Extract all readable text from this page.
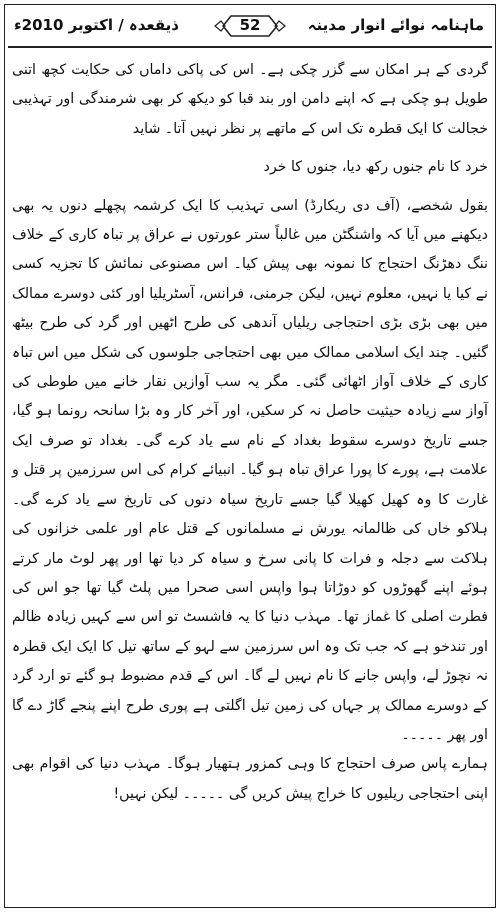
ذیقعدہ / اکتوبر 2010ء	52	ماہنامہ نوائے انوار مدینہ

گردی کے ہر امکان سے گزر چکی ہے۔ اس کی پاکی داماں کی حکایت کچھ اتنی طویل ہو چکی ہے کہ اپنے دامن اور بند قبا کو دیکھ کر بھی شرمندگی اور تہذیبی خجالت کا ایک قطرہ تک اس کے ماتھے پر نظر نہیں آتا۔ شاید

خرد کا نام جنوں رکھ دیا، جنوں کا خرد

بقول شخصے، (آف دی ریکارڈ) اسی تہذیب کا ایک کرشمہ پچھلے دنوں یہ بھی دیکھنے میں آیا کہ واشنگٹن میں غالباً ستر عورتوں نے عراق پر تباہ کاری کے خلاف ننگ دھڑنگ احتجاج کا نمونہ بھی پیش کیا۔ اس مصنوعی نمائش کا تجزیہ کسی نے کیا یا نہیں، معلوم نہیں، لیکن جرمنی، فرانس، آسٹریلیا اور کئی دوسرے ممالک میں بھی بڑی بڑی احتجاجی ریلیاں آندھی کی طرح اٹھیں اور گرد کی طرح بیٹھ گئیں۔ چند ایک اسلامی ممالک میں بھی احتجاجی جلوسوں کی شکل میں اس تباہ کاری کے خلاف آواز اٹھائی گئی۔ مگر یہ سب آوازیں نقار خانے میں طوطی کی آواز سے زیادہ حیثیت حاصل نہ کر سکیں، اور آخر کار وہ بڑا سانحہ رونما ہو گیا، جسے تاریخ دوسرے سقوط بغداد کے نام سے یاد کرے گی۔ بغداد تو صرف ایک علامت ہے، پورے کا پورا عراق تباہ ہو گیا۔ انبیائے کرام کی اس سرزمین پر قتل و غارت کا وہ کھیل کھیلا گیا جسے تاریخ سیاہ دنوں کی تاریخ سے یاد کرے گی۔ ہلاکو خاں کی ظالمانہ یورش نے مسلمانوں کے قتل عام اور علمی خزانوں کی ہلاکت سے دجلہ و فرات کا پانی سرخ و سیاہ کر دیا تھا اور پھر لوٹ مار کرتے ہوئے اپنے گھوڑوں کو دوڑاتا ہوا واپس اسی صحرا میں پلٹ گیا تھا جو اس کی فطرت اصلی کا غماز تھا۔ مہذب دنیا کا یہ فاشسٹ تو اس سے کہیں زیادہ ظالم اور تندخو ہے کہ جب تک وہ اس سرزمین سے لہو کے ساتھ تیل کا ایک ایک قطرہ نہ نچوڑ لے، واپس جانے کا نام نہیں لے گا۔ اس کے قدم مضبوط ہو گئے تو ارد گرد کے دوسرے ممالک پر جہاں کی زمین تیل اگلتی ہے پوری طرح اپنے پنجے گاڑ دے گا اور پھر ۔۔۔۔۔

ہمارے پاس صرف احتجاج کا وہی کمزور ہتھیار ہوگا۔ مہذب دنیا کی اقوام بھی اپنی احتجاجی ریلیوں کا خراج پیش کریں گی ۔۔۔۔۔ لیکن نہیں!
